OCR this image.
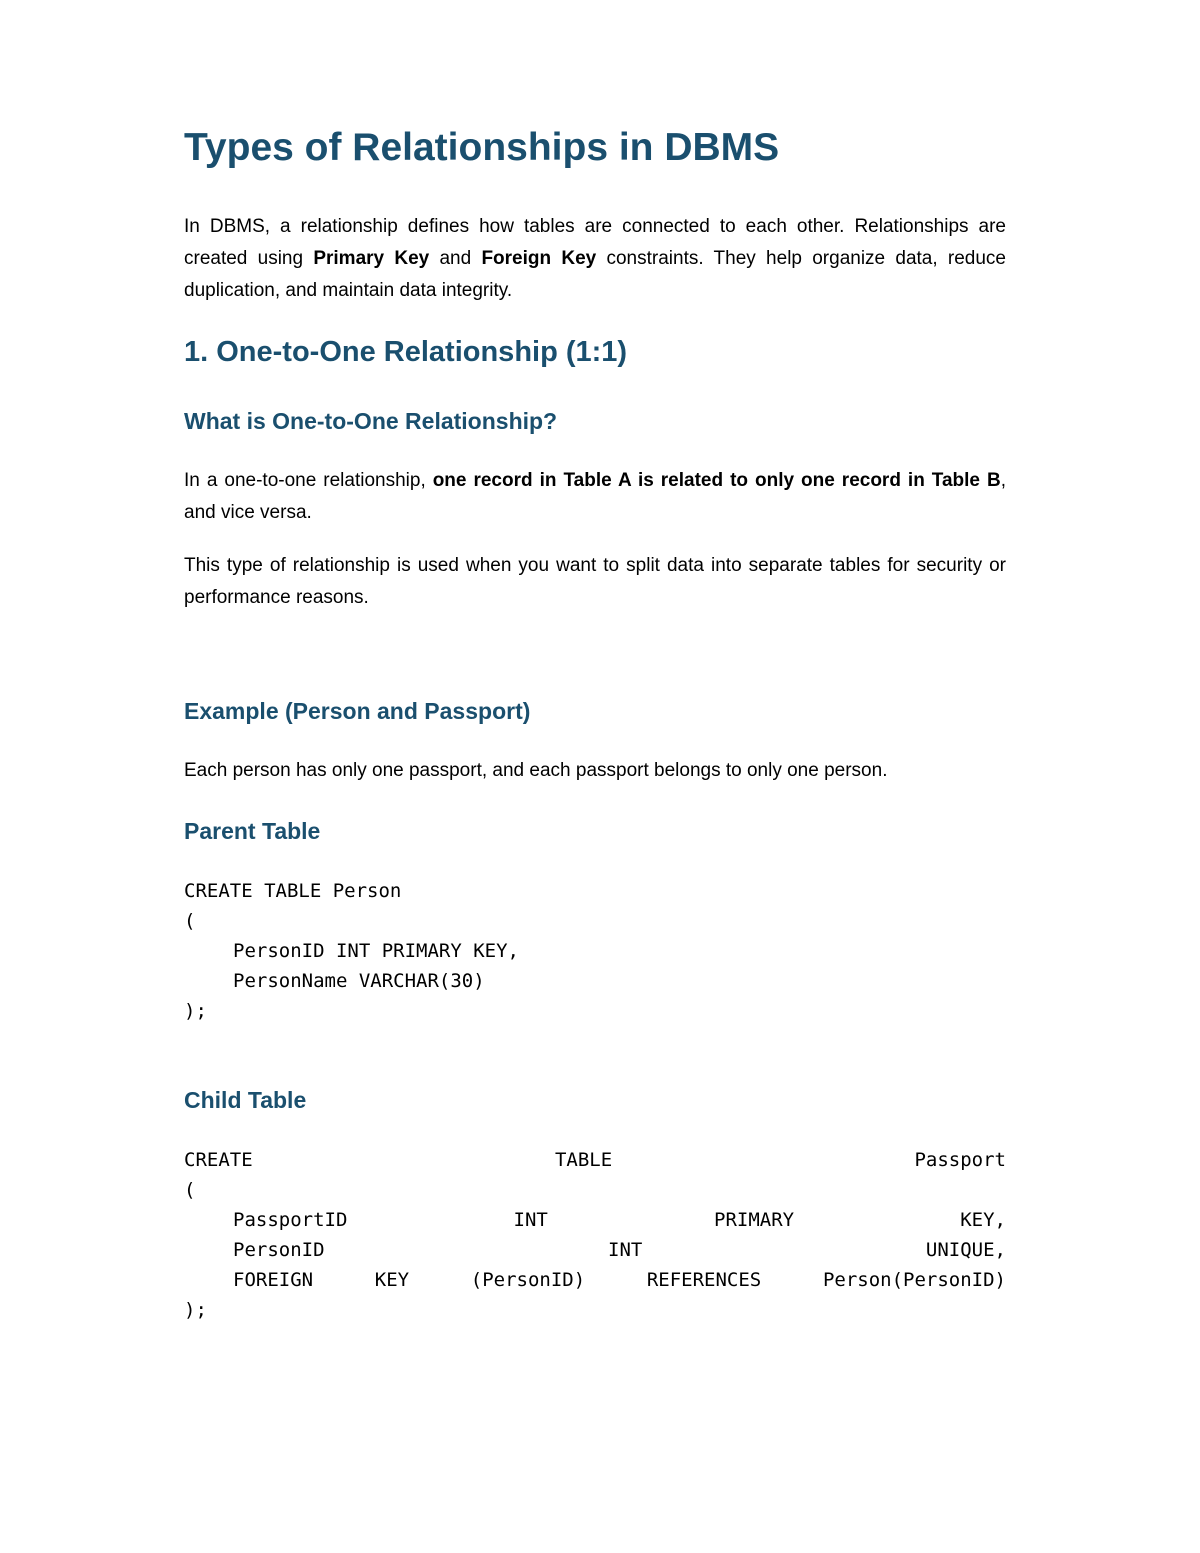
Types of Relationships in DBMS

In DBMS, a relationship defines how tables are connected to each other. Relationships are created using Primary Key and Foreign Key constraints. They help organize data, reduce duplication, and maintain data integrity.

1. One-to-One Relationship (1:1)
What is One-to-One Relationship?

In a one-to-one relationship, one record in Table A is related to only one record in Table B, and vice versa.

This type of relationship is used when you want to split data into separate tables for security or performance reasons.

Example (Person and Passport)

Each person has only one passport, and each passport belongs to only one person.

Parent Table
CREATE TABLE Person
(
PersonID INT PRIMARY KEY,
PersonName VARCHAR(30)
);
Child Table
CREATE	TABLE	Passport
(
PassportID	INT	PRIMARY	KEY,
PersonID	INT	UNIQUE,
FOREIGN	KEY	(PersonID)	REFERENCES	Person(PersonID)
);
